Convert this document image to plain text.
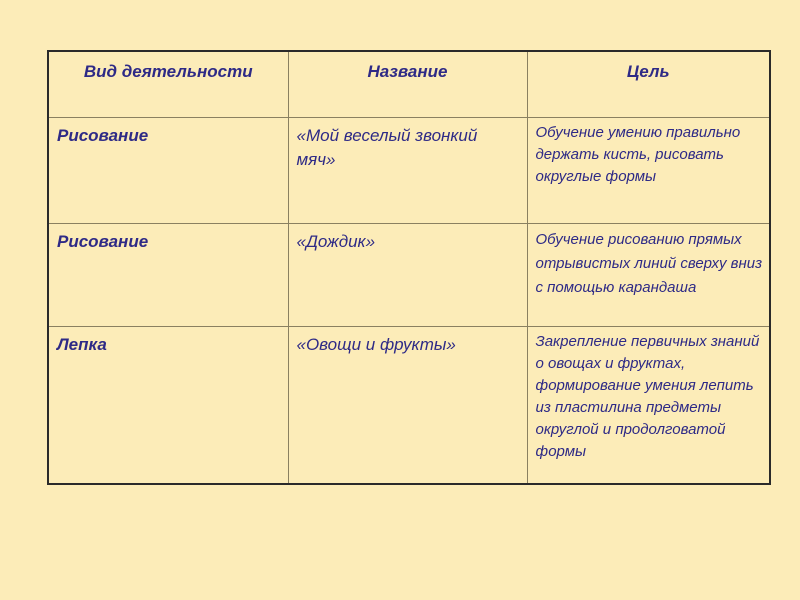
Вид деятельности	Название	Цель

Рисование	«Мой веселый звонкий мяч»	Обучение умению правильно держать кисть, рисовать округлые формы

Рисование	«Дождик»	Обучение рисованию прямых отрывистых линий сверху вниз с помощью карандаша

Лепка	«Овощи и фрукты»	Закрепление первичных знаний о овощах и фруктах, формирование умения лепить из пластилина предметы округлой и продолговатой формы
